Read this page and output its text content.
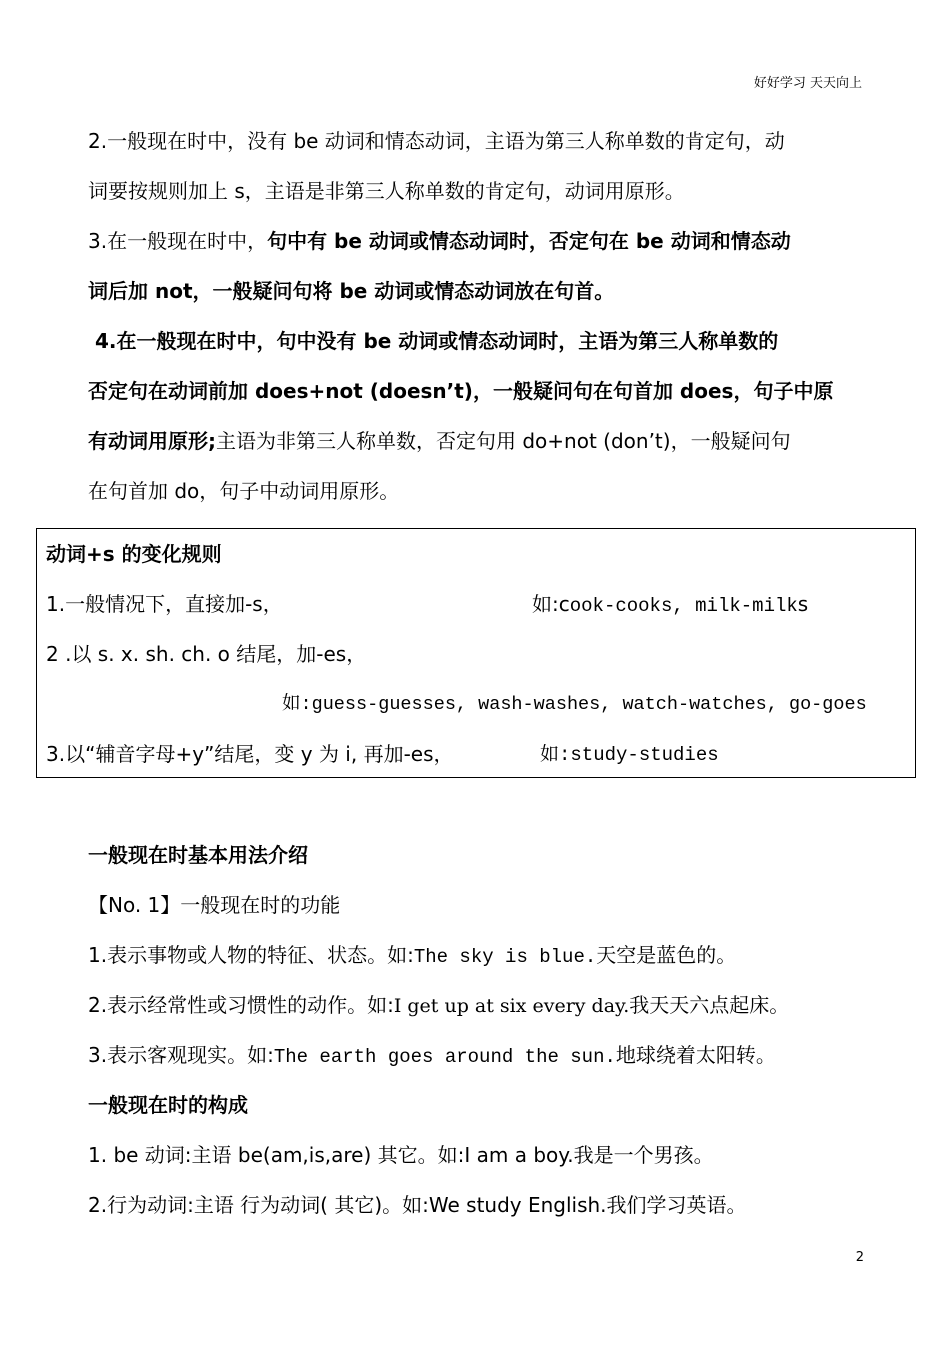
好好学习 天天向上
2.一般现在时中，没有 be 动词和情态动词，主语为第三人称单数的肯定句，动
词要按规则加上 s，主语是非第三人称单数的肯定句，动词用原形。
3.在一般现在时中，句中有 be 动词或情态动词时，否定句在 be 动词和情态动
词后加 not，一般疑问句将 be 动词或情态动词放在句首。
4.在一般现在时中，句中没有 be 动词或情态动词时，主语为第三人称单数的
否定句在动词前加 does+not (doesn’t)，一般疑问句在句首加 does，句子中原
有动词用原形;主语为非第三人称单数，否定句用 do+not (don’t)，一般疑问句
在句首加 do，句子中动词用原形。
动词+s 的变化规则
1.一般情况下，直接加-s，	如:cook-cooks, milk-milks
2 .以 s. x. sh. ch. o 结尾，加-es，
如:guess-guesses, wash-washes, watch-watches, go-goes
3.以“辅音字母+y”结尾，变 y 为 i, 再加-es，	如:study-studies
一般现在时基本用法介绍
【No. 1】一般现在时的功能
1.表示事物或人物的特征、状态。如:The sky is blue.天空是蓝色的。
2.表示经常性或习惯性的动作。如:I get up at six every day.我天天六点起床。
3.表示客观现实。如:The earth goes around the sun.地球绕着太阳转。
一般现在时的构成
1. be 动词:主语 be(am,is,are) 其它。如:I am a boy.我是一个男孩。
2.行为动词:主语 行为动词( 其它)。如:We study English.我们学习英语。
2
